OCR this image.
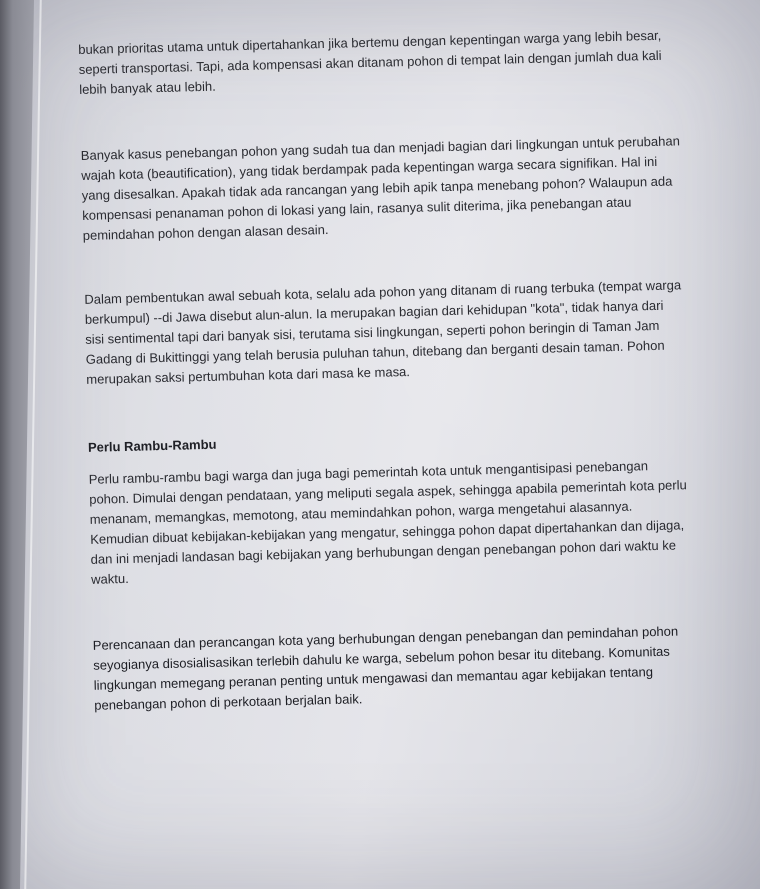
bukan prioritas utama untuk dipertahankan jika bertemu dengan kepentingan warga yang lebih besar, seperti transportasi. Tapi, ada kompensasi akan ditanam pohon di tempat lain dengan jumlah dua kali lebih banyak atau lebih.

Banyak kasus penebangan pohon yang sudah tua dan menjadi bagian dari lingkungan untuk perubahan wajah kota (beautification), yang tidak berdampak pada kepentingan warga secara signifikan. Hal ini yang disesalkan. Apakah tidak ada rancangan yang lebih apik tanpa menebang pohon? Walaupun ada kompensasi penanaman pohon di lokasi yang lain, rasanya sulit diterima, jika penebangan atau pemindahan pohon dengan alasan desain.

Dalam pembentukan awal sebuah kota, selalu ada pohon yang ditanam di ruang terbuka (tempat warga berkumpul) --di Jawa disebut alun-alun. Ia merupakan bagian dari kehidupan "kota", tidak hanya dari sisi sentimental tapi dari banyak sisi, terutama sisi lingkungan, seperti pohon beringin di Taman Jam Gadang di Bukittinggi yang telah berusia puluhan tahun, ditebang dan berganti desain taman. Pohon merupakan saksi pertumbuhan kota dari masa ke masa.

Perlu Rambu-Rambu

Perlu rambu-rambu bagi warga dan juga bagi pemerintah kota untuk mengantisipasi penebangan pohon. Dimulai dengan pendataan, yang meliputi segala aspek, sehingga apabila pemerintah kota perlu menanam, memangkas, memotong, atau memindahkan pohon, warga mengetahui alasannya. Kemudian dibuat kebijakan-kebijakan yang mengatur, sehingga pohon dapat dipertahankan dan dijaga, dan ini menjadi landasan bagi kebijakan yang berhubungan dengan penebangan pohon dari waktu ke waktu.

Perencanaan dan perancangan kota yang berhubungan dengan penebangan dan pemindahan pohon seyogianya disosialisasikan terlebih dahulu ke warga, sebelum pohon besar itu ditebang. Komunitas lingkungan memegang peranan penting untuk mengawasi dan memantau agar kebijakan tentang penebangan pohon di perkotaan berjalan baik.
